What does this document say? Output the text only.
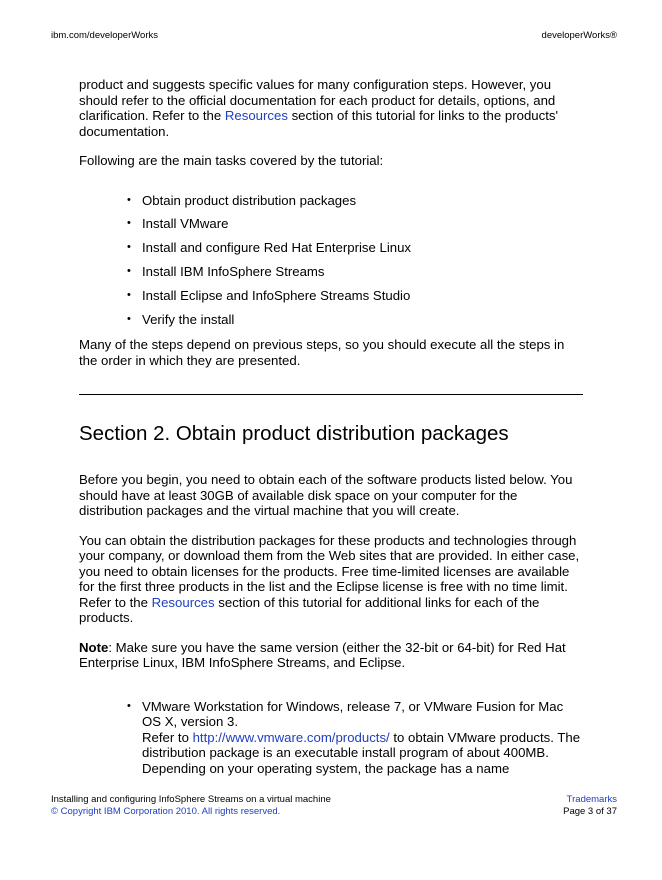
ibm.com/developerWorks	developerWorks®

product and suggests specific values for many configuration steps. However, you should refer to the official documentation for each product for details, options, and clarification. Refer to the Resources section of this tutorial for links to the products' documentation.

Following are the main tasks covered by the tutorial:

• Obtain product distribution packages
• Install VMware
• Install and configure Red Hat Enterprise Linux
• Install IBM InfoSphere Streams
• Install Eclipse and InfoSphere Streams Studio
• Verify the install

Many of the steps depend on previous steps, so you should execute all the steps in the order in which they are presented.

Section 2. Obtain product distribution packages

Before you begin, you need to obtain each of the software products listed below. You should have at least 30GB of available disk space on your computer for the distribution packages and the virtual machine that you will create.

You can obtain the distribution packages for these products and technologies through your company, or download them from the Web sites that are provided. In either case, you need to obtain licenses for the products. Free time-limited licenses are available for the first three products in the list and the Eclipse license is free with no time limit. Refer to the Resources section of this tutorial for additional links for each of the products.

Note: Make sure you have the same version (either the 32-bit or 64-bit) for Red Hat Enterprise Linux, IBM InfoSphere Streams, and Eclipse.

• VMware Workstation for Windows, release 7, or VMware Fusion for Mac OS X, version 3.
Refer to http://www.vmware.com/products/ to obtain VMware products. The distribution package is an executable install program of about 400MB. Depending on your operating system, the package has a name
Installing and configuring InfoSphere Streams on a virtual machine
© Copyright IBM Corporation 2010. All rights reserved.
Trademarks
Page 3 of 37
